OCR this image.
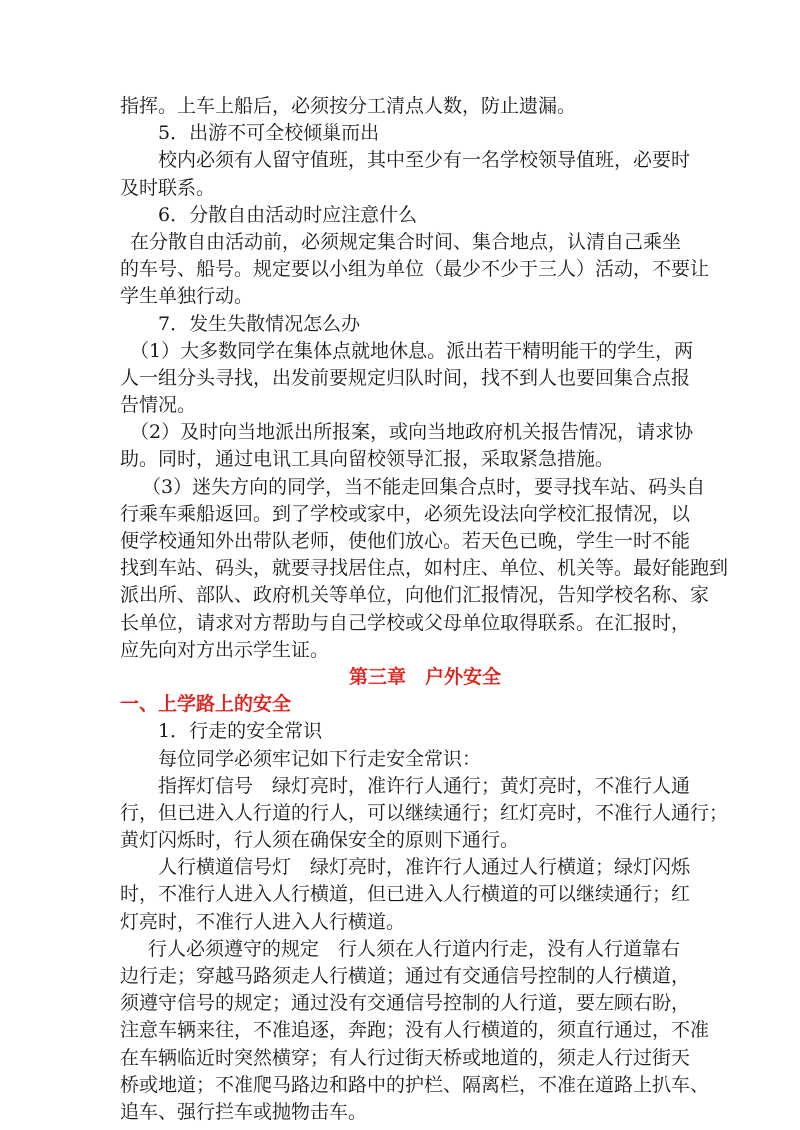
指挥。上车上船后，必须按分工清点人数，防止遗漏。
5．出游不可全校倾巢而出
校内必须有人留守值班，其中至少有一名学校领导值班，必要时
及时联系。
6．分散自由活动时应注意什么
在分散自由活动前，必须规定集合时间、集合地点，认清自己乘坐
的车号、船号。规定要以小组为单位（最少不少于三人）活动，不要让
学生单独行动。
7．发生失散情况怎么办
（1）大多数同学在集体点就地休息。派出若干精明能干的学生，两
人一组分头寻找，出发前要规定归队时间，找不到人也要回集合点报
告情况。
（2）及时向当地派出所报案，或向当地政府机关报告情况，请求协
助。同时，通过电讯工具向留校领导汇报，采取紧急措施。
（3）迷失方向的同学，当不能走回集合点时，要寻找车站、码头自
行乘车乘船返回。到了学校或家中，必须先设法向学校汇报情况，以
便学校通知外出带队老师，使他们放心。若天色已晚，学生一时不能
找到车站、码头，就要寻找居住点，如村庄、单位、机关等。最好能跑到
派出所、部队、政府机关等单位，向他们汇报情况，告知学校名称、家
长单位，请求对方帮助与自己学校或父母单位取得联系。在汇报时，
应先向对方出示学生证。
第三章　户外安全
一、上学路上的安全
1．行走的安全常识
每位同学必须牢记如下行走安全常识：
指挥灯信号　绿灯亮时，准许行人通行；黄灯亮时，不准行人通
行，但已进入人行道的行人，可以继续通行；红灯亮时，不准行人通行；
黄灯闪烁时，行人须在确保安全的原则下通行。
人行横道信号灯　绿灯亮时，准许行人通过人行横道；绿灯闪烁
时，不准行人进入人行横道，但已进入人行横道的可以继续通行；红
灯亮时，不准行人进入人行横道。
行人必须遵守的规定　行人须在人行道内行走，没有人行道靠右
边行走；穿越马路须走人行横道；通过有交通信号控制的人行横道，
须遵守信号的规定；通过没有交通信号控制的人行道，要左顾右盼，
注意车辆来往，不准追逐，奔跑；没有人行横道的，须直行通过，不准
在车辆临近时突然横穿；有人行过街天桥或地道的，须走人行过街天
桥或地道；不准爬马路边和路中的护栏、隔离栏，不准在道路上扒车、
追车、强行拦车或抛物击车。
